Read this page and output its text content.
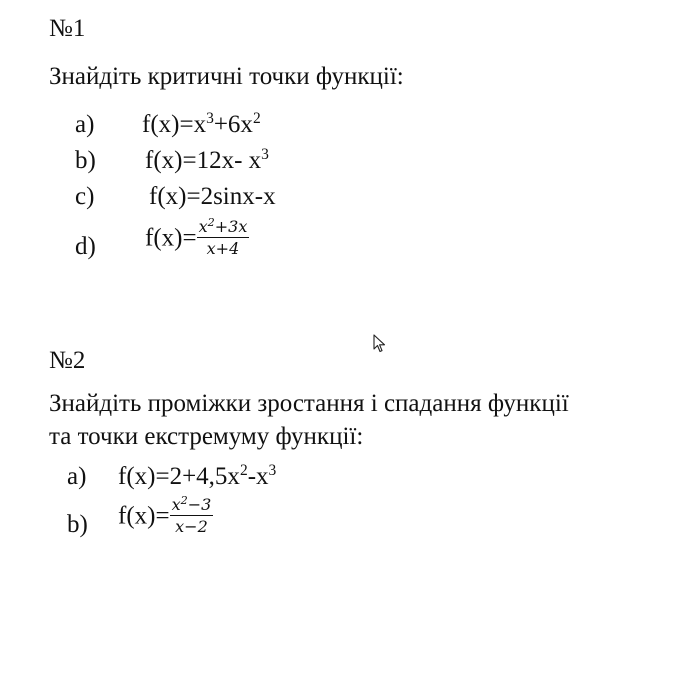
№1
Знайдіть критичні точки функції:
a) $f(x)=x^3+6x^2$
b) f(x)=12x- $x^3$
c) f(x)=2sinx-x
d) $f(x)= \frac{x^2+3x}{x+4}$
№2
Знайдіть проміжки зростання і спадання функції
та точки екстремуму функції:
a) $f(x)=2+4,5x^2-x^3$
b) $f(x)= \frac{x^2-3}{x-2}$
